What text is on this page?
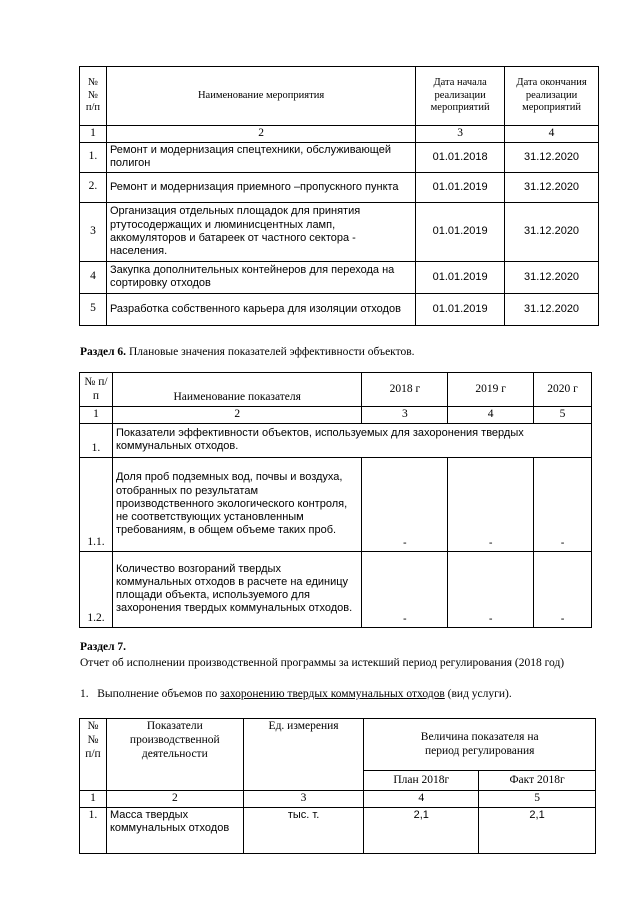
№№ п/п	Наименование мероприятия	Дата начала реализации мероприятий	Дата окончания реализации мероприятий
1	2	3	4
1.	Ремонт и модернизация спецтехники, обслуживающей полигон	01.01.2018	31.12.2020
2.	Ремонт и модернизация приемного –пропускного пункта	01.01.2019	31.12.2020
3	Организация отдельных площадок для принятия ртутосодержащих и люминисцентных ламп, аккомуляторов и батареек от частного сектора - населения.	01.01.2019	31.12.2020
4	Закупка дополнительных контейнеров для перехода на сортировку отходов	01.01.2019	31.12.2020
5	Разработка собственного карьера для изоляции отходов	01.01.2019	31.12.2020
Раздел 6. Плановые значения показателей эффективности объектов.
№ п/п	Наименование показателя	2018 г	2019 г	2020 г
1	2	3	4	5
1.	Показатели эффективности объектов, используемых для захоронения твердых коммунальных отходов.			
1.1.	Доля проб подземных вод, почвы и воздуха, отобранных по результатам производственного экологического контроля, не соответствующих установленным требованиям, в общем объеме таких проб.	-	-	-
1.2.	Количество возгораний твердых коммунальных отходов в расчете на единицу площади объекта, используемого для захоронения твердых коммунальных отходов.	-	-	-
Раздел 7.
Отчет об исполнении производственной программы за истекший период регулирования (2018 год)
1.   Выполнение объемов по захоронению твердых коммунальных отходов (вид услуги).
№№ п/п	Показатели производственной деятельности	Ед. измерения	Величина показателя на период регулирования	
			План 2018г	Факт 2018г
1	2	3	4	5
1.	Масса твердых коммунальных отходов	тыс. т.	2,1	2,1
